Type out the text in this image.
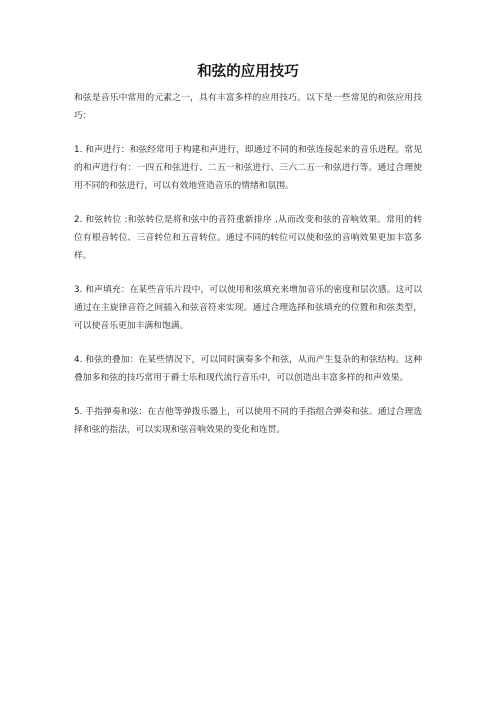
和弦的应用技巧

和弦是音乐中常用的元素之一，具有丰富多样的应用技巧。以下是一些常见的和弦应用技巧：

1. 和声进行：和弦经常用于构建和声进行，即通过不同的和弦连接起来的音乐进程。常见的和声进行有：一四五和弦进行、二五一和弦进行、三六二五一和弦进行等。通过合理使用不同的和弦进行，可以有效地营造音乐的情绪和氛围。

2. 和弦转位 :和弦转位是将和弦中的音符重新排序 ,从而改变和弦的音响效果。常用的转位有根音转位、三音转位和五音转位。通过不同的转位可以使和弦的音响效果更加丰富多样。

3. 和声填充：在某些音乐片段中，可以使用和弦填充来增加音乐的密度和层次感。这可以通过在主旋律音符之间插入和弦音符来实现。通过合理选择和弦填充的位置和和弦类型，可以使音乐更加丰满和饱满。

4. 和弦的叠加：在某些情况下，可以同时演奏多个和弦，从而产生复杂的和弦结构。这种叠加多和弦的技巧常用于爵士乐和现代流行音乐中，可以创造出丰富多样的和声效果。

5. 手指弹奏和弦：在吉他等弹拨乐器上，可以使用不同的手指组合弹奏和弦。通过合理选择和弦的指法，可以实现和弦音响效果的变化和连贯。
